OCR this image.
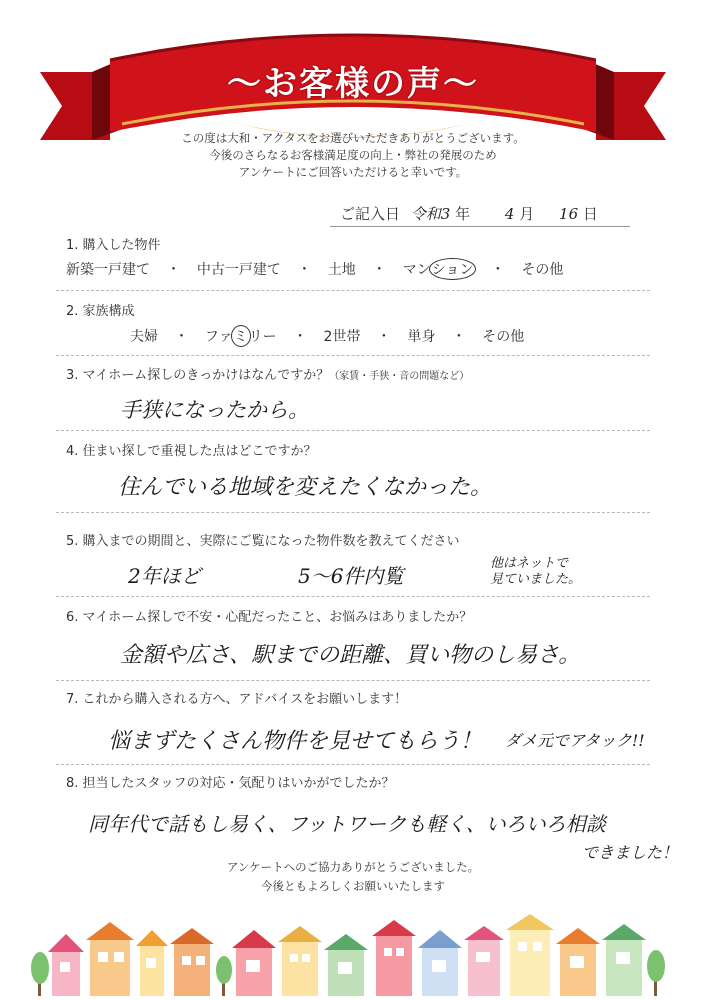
〜お客様の声〜
この度は大和・アクタスをお選びいただきありがとうございます。
今後のさらなるお客様満足度の向上・弊社の発展のため
アンケートにご回答いただけると幸いです。
ご記入日 令和3 年 4 月 16 日
1. 購入した物件
新築一戸建て ・ 中古一戸建て ・ 土地 ・ マンション ・ その他
2. 家族構成
夫婦 ・ ファミリー ・ 2世帯 ・ 単身 ・ その他
3. マイホーム探しのきっかけはなんですか？（家賃・手狭・音の問題など）
手狭になったから。
4. 住まい探しで重視した点はどこですか？
住んでいる地域を変えたくなかった。
5. 購入までの期間と、実際にご覧になった物件数を教えてください
2年ほど	5〜6件内覧
他はネットで
見ていました。
6. マイホーム探しで不安・心配だったこと、お悩みはありましたか？
金額や広さ、駅までの距離、買い物のし易さ。
7. これから購入される方へ、アドバイスをお願いします！
悩まずたくさん物件を見せてもらう！ ダメ元でアタック!!
8. 担当したスタッフの対応・気配りはいかがでしたか？
同年代で話もし易く、フットワークも軽く、いろいろ相談
できました！
アンケートへのご協力ありがとうございました。
今後ともよろしくお願いいたします
